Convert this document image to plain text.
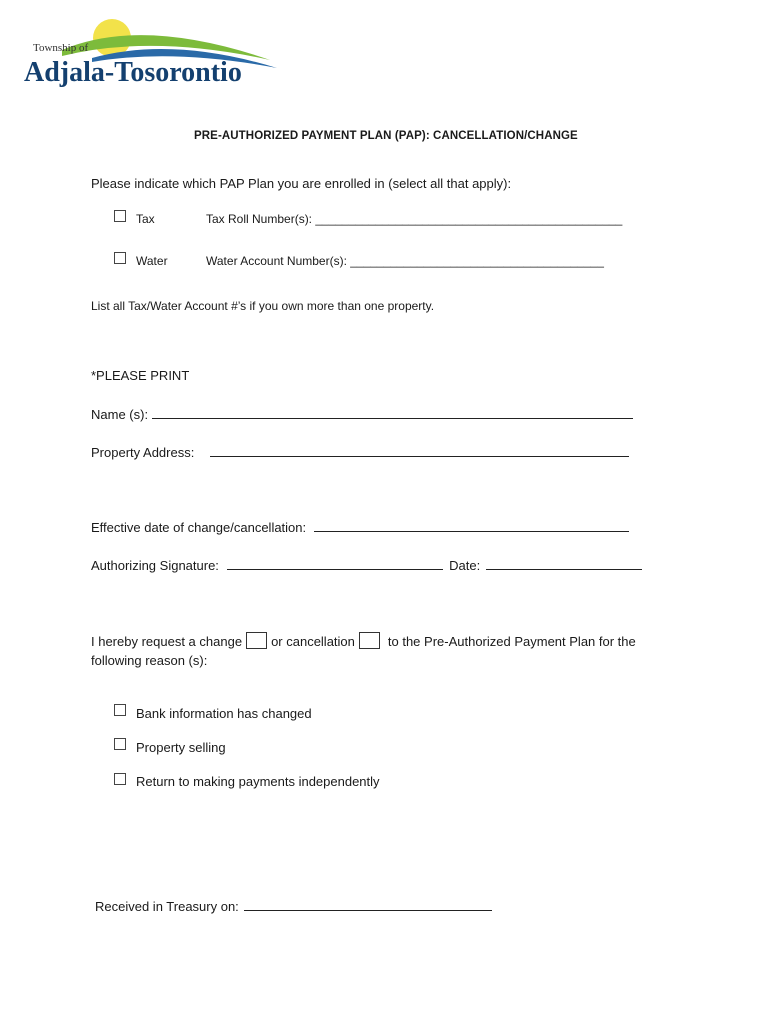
Township of
Adjala-Tosorontio
PRE-AUTHORIZED PAYMENT PLAN (PAP): CANCELLATION/CHANGE
Please indicate which PAP Plan you are enrolled in (select all that apply):
Tax	Tax Roll Number(s): ______________________________________________
Water	Water Account Number(s): ______________________________________
List all Tax/Water Account #’s if you own more than one property.
*PLEASE PRINT
Name (s):
Property Address:
Effective date of change/cancellation:
Authorizing Signature:	Date:
I hereby request a change or cancellation	to the Pre-Authorized Payment Plan for the
following reason (s):
Bank information has changed
Property selling
Return to making payments independently
Received in Treasury on:
